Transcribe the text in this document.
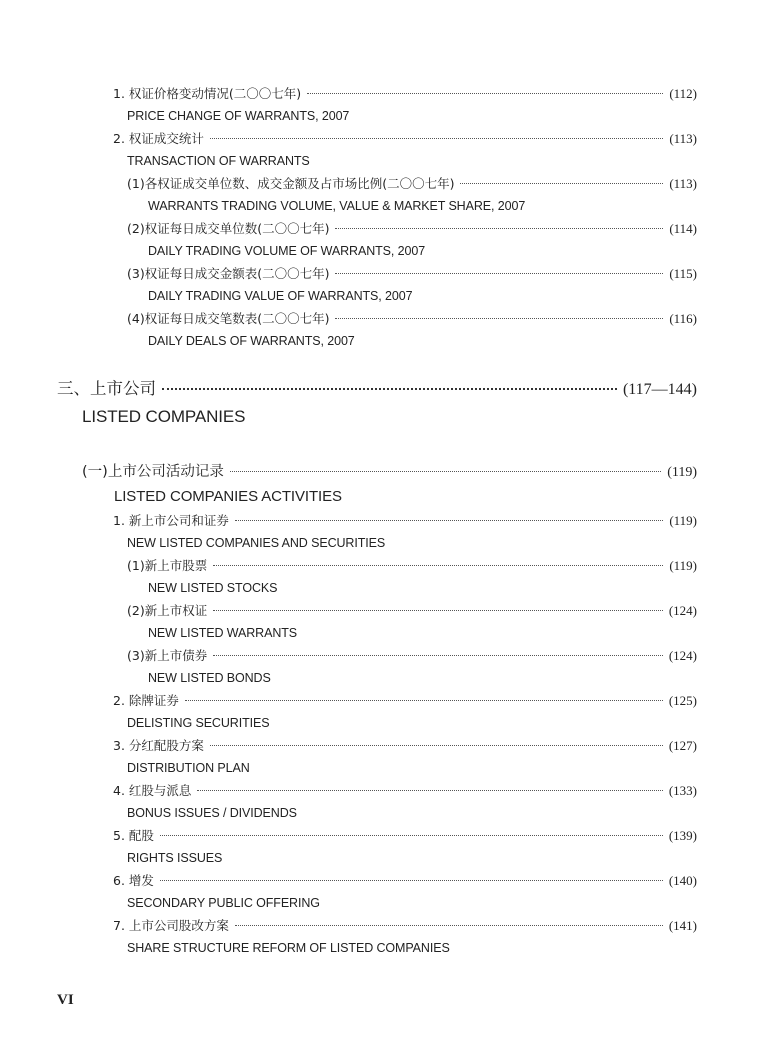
1. 权证价格变动情况(二〇〇七年)	(112)
PRICE CHANGE OF WARRANTS, 2007
2. 权证成交统计	(113)
TRANSACTION OF WARRANTS
(1)各权证成交单位数、成交金额及占市场比例(二〇〇七年)	(113)
WARRANTS TRADING VOLUME, VALUE & MARKET SHARE, 2007
(2)权证每日成交单位数(二〇〇七年)	(114)
DAILY TRADING VOLUME OF WARRANTS, 2007
(3)权证每日成交金额表(二〇〇七年)	(115)
DAILY TRADING VALUE OF WARRANTS, 2007
(4)权证每日成交笔数表(二〇〇七年)	(116)
DAILY DEALS OF WARRANTS, 2007
三、上市公司	(117—144)
LISTED COMPANIES
(一)上市公司活动记录	(119)
LISTED COMPANIES ACTIVITIES
1. 新上市公司和证券	(119)
NEW LISTED COMPANIES AND SECURITIES
(1)新上市股票	(119)
NEW LISTED STOCKS
(2)新上市权证	(124)
NEW LISTED WARRANTS
(3)新上市债券	(124)
NEW LISTED BONDS
2. 除牌证券	(125)
DELISTING SECURITIES
3. 分红配股方案	(127)
DISTRIBUTION PLAN
4. 红股与派息	(133)
BONUS ISSUES / DIVIDENDS
5. 配股	(139)
RIGHTS ISSUES
6. 增发	(140)
SECONDARY PUBLIC OFFERING
7. 上市公司股改方案	(141)
SHARE STRUCTURE REFORM OF LISTED COMPANIES
VI
